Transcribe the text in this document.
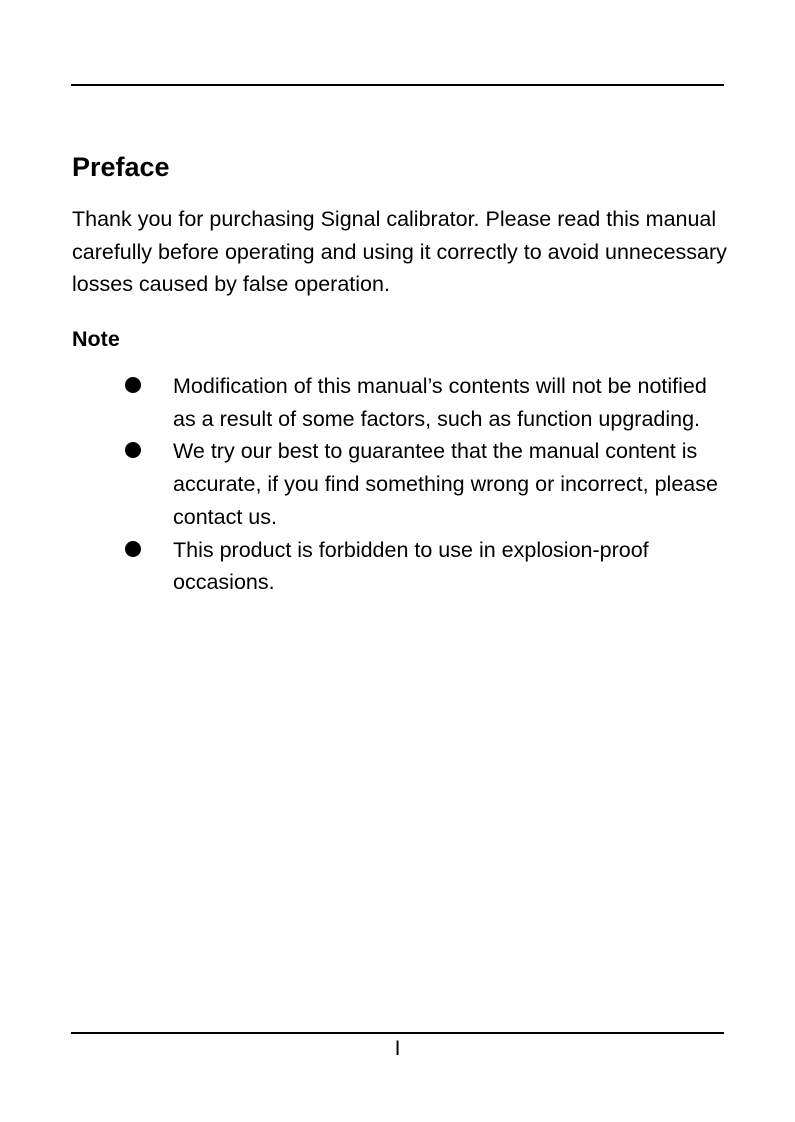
Preface

Thank you for purchasing Signal calibrator. Please read this manual carefully before operating and using it correctly to avoid unnecessary losses caused by false operation.

Note
Modification of this manual’s contents will not be notified as a result of some factors, such as function upgrading.
We try our best to guarantee that the manual content is accurate, if you find something wrong or incorrect, please contact us.
This product is forbidden to use in explosion-proof occasions.
I
